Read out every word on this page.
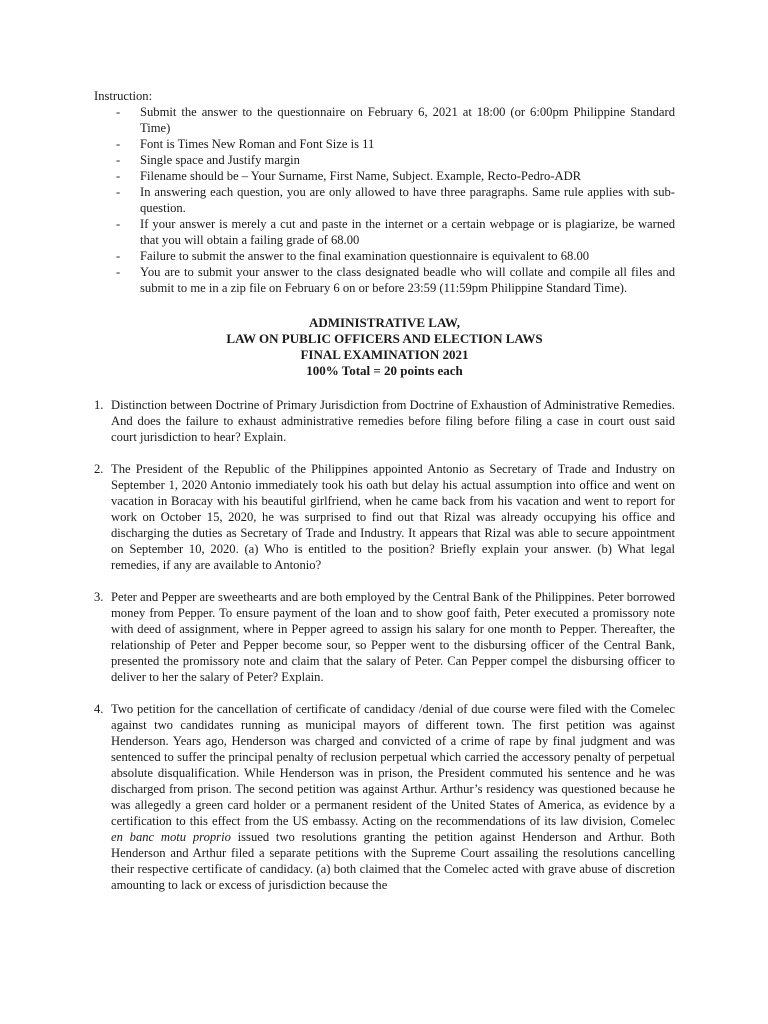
Instruction:
- Submit the answer to the questionnaire on February 6, 2021 at 18:00 (or 6:00pm Philippine Standard Time)
- Font is Times New Roman and Font Size is 11
- Single space and Justify margin
- Filename should be – Your Surname, First Name, Subject. Example, Recto-Pedro-ADR
- In answering each question, you are only allowed to have three paragraphs. Same rule applies with sub-question.
- If your answer is merely a cut and paste in the internet or a certain webpage or is plagiarize, be warned that you will obtain a failing grade of 68.00
- Failure to submit the answer to the final examination questionnaire is equivalent to 68.00
- You are to submit your answer to the class designated beadle who will collate and compile all files and submit to me in a zip file on February 6 on or before 23:59 (11:59pm Philippine Standard Time).
ADMINISTRATIVE LAW,
LAW ON PUBLIC OFFICERS AND ELECTION LAWS
FINAL EXAMINATION 2021
100% Total = 20 points each
1. Distinction between Doctrine of Primary Jurisdiction from Doctrine of Exhaustion of Administrative Remedies. And does the failure to exhaust administrative remedies before filing before filing a case in court oust said court jurisdiction to hear? Explain.
2. The President of the Republic of the Philippines appointed Antonio as Secretary of Trade and Industry on September 1, 2020 Antonio immediately took his oath but delay his actual assumption into office and went on vacation in Boracay with his beautiful girlfriend, when he came back from his vacation and went to report for work on October 15, 2020, he was surprised to find out that Rizal was already occupying his office and discharging the duties as Secretary of Trade and Industry. It appears that Rizal was able to secure appointment on September 10, 2020. (a) Who is entitled to the position? Briefly explain your answer. (b) What legal remedies, if any are available to Antonio?
3. Peter and Pepper are sweethearts and are both employed by the Central Bank of the Philippines. Peter borrowed money from Pepper. To ensure payment of the loan and to show goof faith, Peter executed a promissory note with deed of assignment, where in Pepper agreed to assign his salary for one month to Pepper. Thereafter, the relationship of Peter and Pepper become sour, so Pepper went to the disbursing officer of the Central Bank, presented the promissory note and claim that the salary of Peter. Can Pepper compel the disbursing officer to deliver to her the salary of Peter? Explain.
4. Two petition for the cancellation of certificate of candidacy /denial of due course were filed with the Comelec against two candidates running as municipal mayors of different town. The first petition was against Henderson. Years ago, Henderson was charged and convicted of a crime of rape by final judgment and was sentenced to suffer the principal penalty of reclusion perpetual which carried the accessory penalty of perpetual absolute disqualification. While Henderson was in prison, the President commuted his sentence and he was discharged from prison. The second petition was against Arthur. Arthur’s residency was questioned because he was allegedly a green card holder or a permanent resident of the United States of America, as evidence by a certification to this effect from the US embassy. Acting on the recommendations of its law division, Comelec en banc motu proprio issued two resolutions granting the petition against Henderson and Arthur. Both Henderson and Arthur filed a separate petitions with the Supreme Court assailing the resolutions cancelling their respective certificate of candidacy. (a) both claimed that the Comelec acted with grave abuse of discretion amounting to lack or excess of jurisdiction because the
